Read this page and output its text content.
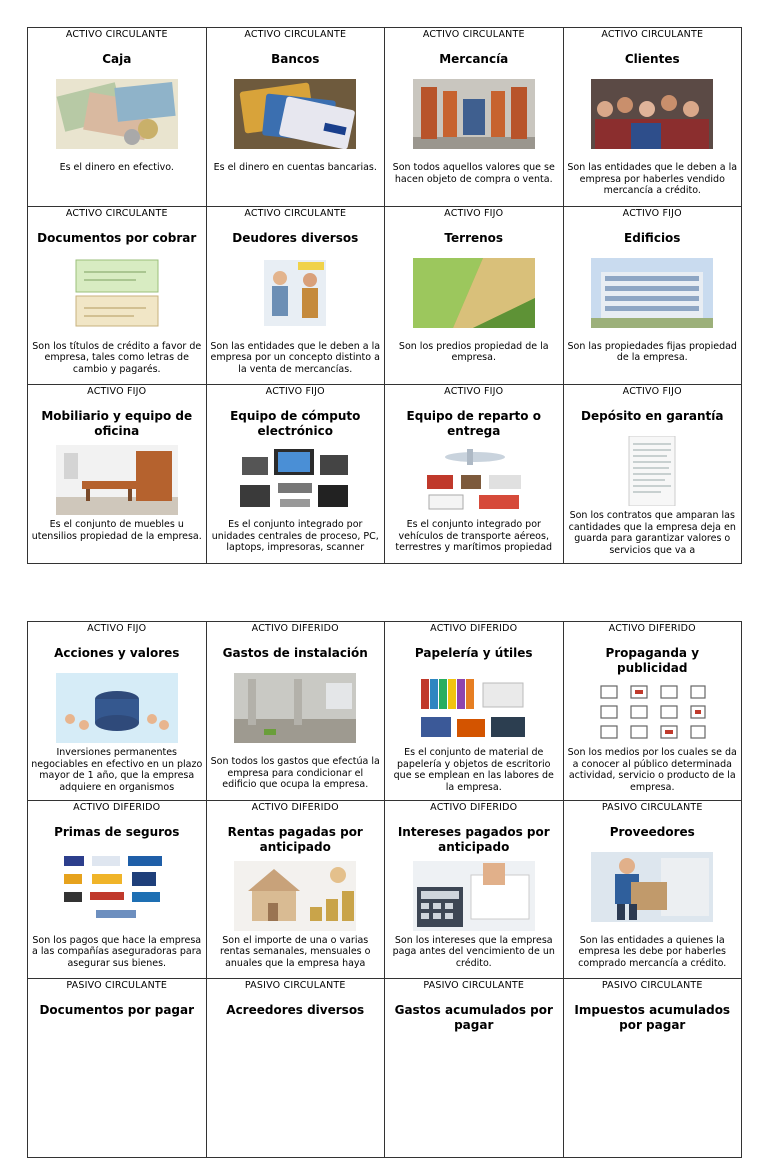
ACTIVO CIRCULANTE
Caja
Es el dinero en efectivo.
ACTIVO CIRCULANTE
Bancos
Es el dinero en cuentas bancarias.
ACTIVO CIRCULANTE
Mercancía
Son todos aquellos valores que se hacen objeto de compra o venta.
ACTIVO CIRCULANTE
Clientes
Son las entidades que le deben a la empresa por haberles vendido mercancía a crédito.
ACTIVO CIRCULANTE
Documentos por cobrar
Son los títulos de crédito a favor de empresa, tales como letras de cambio y pagarés.
ACTIVO CIRCULANTE
Deudores diversos
Son las entidades que le deben a la empresa por un concepto distinto a la venta de mercancías.
ACTIVO FIJO
Terrenos
Son los predios propiedad de la empresa.
ACTIVO FIJO
Edificios
Son las propiedades fijas propiedad de la empresa.
ACTIVO FIJO
Mobiliario y equipo de oficina
Es el conjunto de muebles u utensilios propiedad de la empresa.
ACTIVO FIJO
Equipo de cómputo electrónico
Es el conjunto integrado por unidades centrales de proceso, PC, laptops, impresoras, scanner
ACTIVO FIJO
Equipo de reparto o entrega
Es el conjunto integrado por vehículos de transporte aéreos, terrestres y marítimos propiedad
ACTIVO FIJO
Depósito en garantía
Son los contratos que amparan las cantidades que la empresa deja en guarda para garantizar valores o servicios que va a
ACTIVO FIJO
Acciones y valores
Inversiones permanentes negociables en efectivo en un plazo mayor de 1 año, que la empresa adquiere en organismos
ACTIVO DIFERIDO
Gastos de instalación
Son todos los gastos que efectúa la empresa para condicionar el edificio que ocupa la empresa.
ACTIVO DIFERIDO
Papelería y útiles
Es el conjunto de material de papelería y objetos de escritorio que se emplean en las labores de la empresa.
ACTIVO DIFERIDO
Propaganda y publicidad
Son los medios por los cuales se da a conocer al público determinada actividad, servicio o producto de la empresa.
ACTIVO DIFERIDO
Primas de seguros
Son los pagos que hace la empresa a las compañías aseguradoras para asegurar sus bienes.
ACTIVO DIFERIDO
Rentas pagadas por anticipado
Son el importe de una o varias rentas semanales, mensuales o anuales que la empresa haya
ACTIVO DIFERIDO
Intereses pagados por anticipado
Son los intereses que la empresa paga antes del vencimiento de un crédito.
PASIVO CIRCULANTE
Proveedores
Son las entidades a quienes la empresa les debe por haberles comprado mercancía a crédito.
PASIVO CIRCULANTE
Documentos por pagar
PASIVO CIRCULANTE
Acreedores diversos
PASIVO CIRCULANTE
Gastos acumulados por pagar
PASIVO CIRCULANTE
Impuestos acumulados por pagar
